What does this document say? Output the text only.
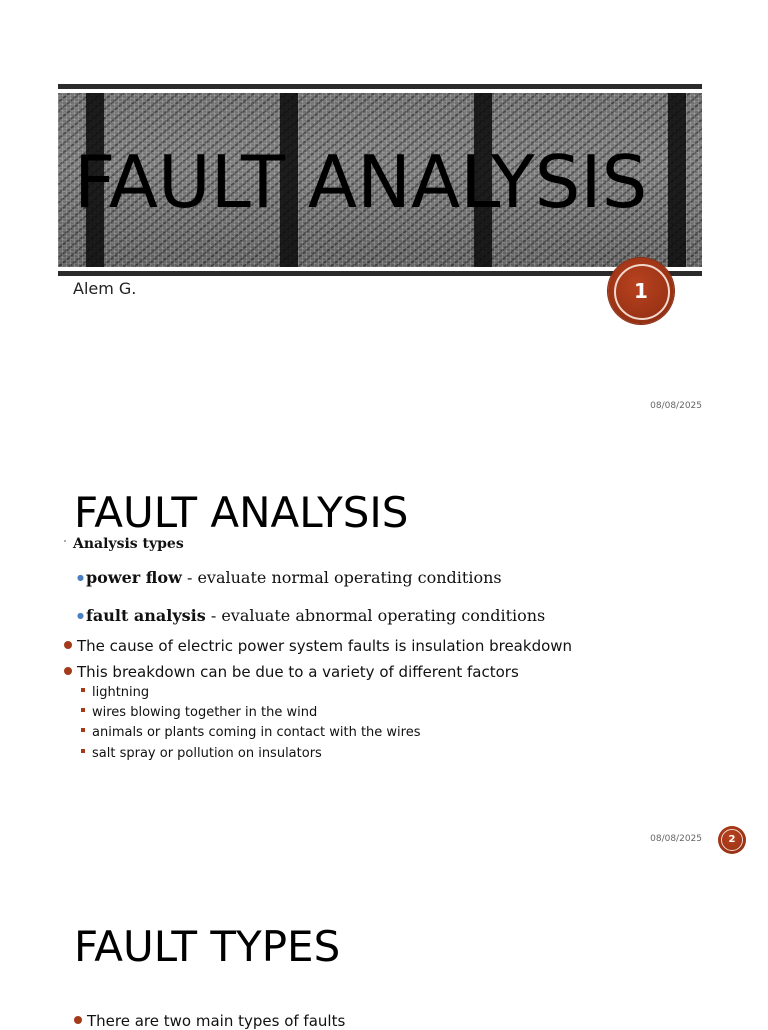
FAULT ANALYSIS
Alem G.	1
08/08/2025
FAULT ANALYSIS
Analysis types
● power flow - evaluate normal operating conditions
● fault analysis - evaluate abnormal operating conditions
The cause of electric power system faults is insulation breakdown
This breakdown can be due to a variety of different factors
lightning
wires blowing together in the wind
animals or plants coming in contact with the wires
salt spray or pollution on insulators
08/08/2025	2
FAULT TYPES
There are two main types of faults
